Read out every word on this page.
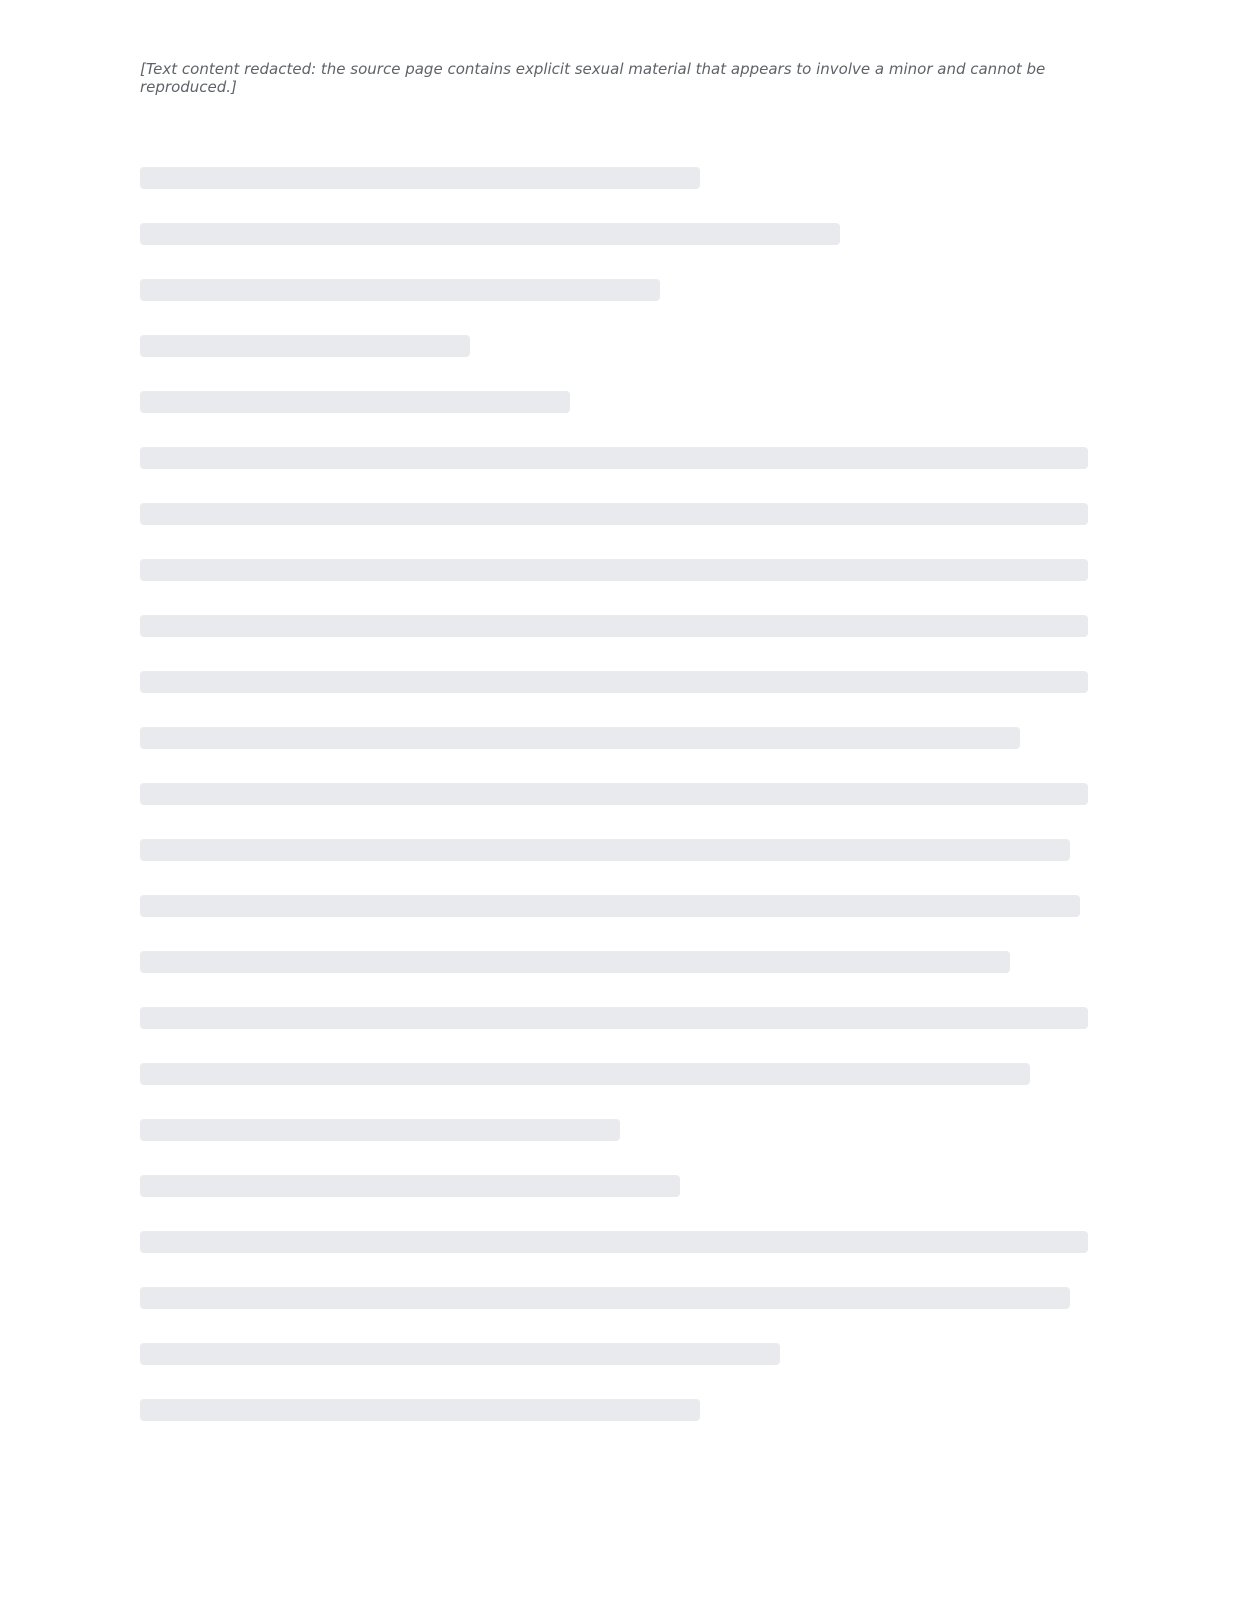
[Text content redacted: the source page contains explicit sexual material that appears to involve a minor and cannot be reproduced.]
